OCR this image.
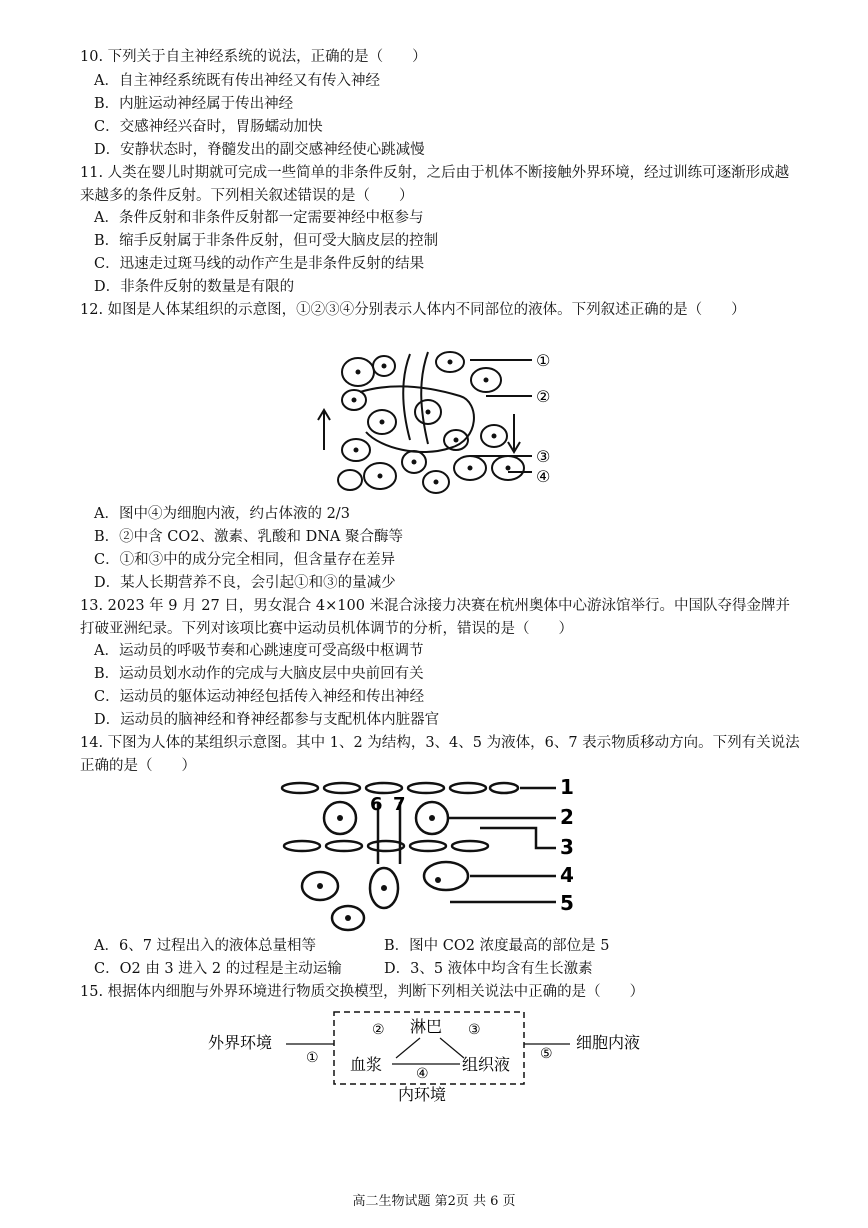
10. 下列关于自主神经系统的说法，正确的是（　　）
A．自主神经系统既有传出神经又有传入神经
B．内脏运动神经属于传出神经
C．交感神经兴奋时，胃肠蠕动加快
D．安静状态时，脊髓发出的副交感神经使心跳减慢
11. 人类在婴儿时期就可完成一些简单的非条件反射，之后由于机体不断接触外界环境，经过训练可逐渐形成越来越多的条件反射。下列相关叙述错误的是（　　）
A．条件反射和非条件反射都一定需要神经中枢参与
B．缩手反射属于非条件反射，但可受大脑皮层的控制
C．迅速走过斑马线的动作产生是非条件反射的结果
D．非条件反射的数量是有限的
12. 如图是人体某组织的示意图，①②③④分别表示人体内不同部位的液体。下列叙述正确的是（　　）
①
②
③
④
A．图中④为细胞内液，约占体液的 2/3
B．②中含 CO2、激素、乳酸和 DNA 聚合酶等
C．①和③中的成分完全相同，但含量存在差异
D．某人长期营养不良，会引起①和③的量减少
13. 2023 年 9 月 27 日，男女混合 4×100 米混合泳接力决赛在杭州奥体中心游泳馆举行。中国队夺得金牌并打破亚洲纪录。下列对该项比赛中运动员机体调节的分析，错误的是（　　）
A．运动员的呼吸节奏和心跳速度可受高级中枢调节
B．运动员划水动作的完成与大脑皮层中央前回有关
C．运动员的躯体运动神经包括传入神经和传出神经
D．运动员的脑神经和脊神经都参与支配机体内脏器官
14. 下图为人体的某组织示意图。其中 1、2 为结构，3、4、5 为液体，6、7 表示物质移动方向。下列有关说法正确的是（　　）
6 7
1
2
3
4
5
A．6、7 过程出入的液体总量相等	B．图中 CO2 浓度最高的部位是 5
C．O2 由 3 进入 2 的过程是主动运输	D．3、5 液体中均含有生长激素
15. 根据体内细胞与外界环境进行物质交换模型，判断下列相关说法中正确的是（　　）
外界环境
①
淋巴
②	③
血浆	组织液
④
⑤
细胞内液
内环境
高二生物试题 第2页 共 6 页
